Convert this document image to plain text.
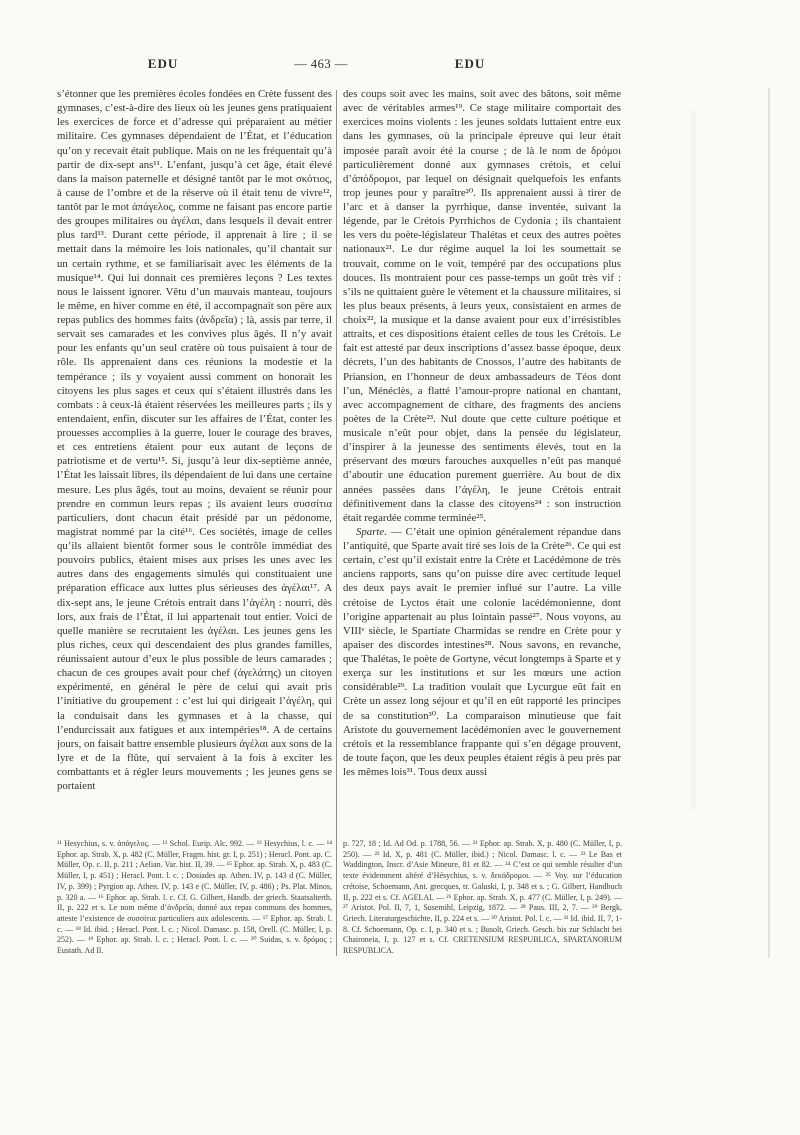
EDU	— 463 —	EDU

s’étonner que les premières écoles fondées en Crète fussent des gymnases, c’est-à-dire des lieux où les jeunes gens pratiquaient les exercices de force et d’adresse qui préparaient au métier militaire. Ces gymnases dépendaient de l’État, et l’éducation qu’on y recevait était publique. Mais on ne les fréquentait qu’à partir de dix-sept ans¹¹. L’enfant, jusqu’à cet âge, était élevé dans la maison paternelle et désigné tantôt par le mot σκότιος, à cause de l’ombre et de la réserve où il était tenu de vivre¹², tantôt par le mot ἀπάγελος, comme ne faisant pas encore partie des groupes militaires ou ἀγέλαι, dans lesquels il devait entrer plus tard¹³. Durant cette période, il apprenait à lire ; il se mettait dans la mémoire les lois nationales, qu’il chantait sur un certain rythme, et se familiarisait avec les éléments de la musique¹⁴. Qui lui donnait ces premières leçons ? Les textes nous le laissent ignorer. Vêtu d’un mauvais manteau, toujours le même, en hiver comme en été, il accompagnait son père aux repas publics des hommes faits (ἀνδρεῖα) ; là, assis par terre, il servait ses camarades et les convives plus âgés. Il n’y avait pour les enfants qu’un seul cratère où tous puisaient à tour de rôle. Ils apprenaient dans ces réunions la modestie et la tempérance ; ils y voyaient aussi comment on honorait les citoyens les plus sages et ceux qui s’étaient illustrés dans les combats : à ceux-là étaient réservées les meilleures parts ; ils y entendaient, enfin, discuter sur les affaires de l’État, conter les prouesses accomplies à la guerre, louer le courage des braves, et ces entretiens étaient pour eux autant de leçons de patriotisme et de vertu¹⁵. Si, jusqu’à leur dix-septième année, l’État les laissait libres, ils dépendaient de lui dans une certaine mesure. Les plus âgés, tout au moins, devaient se réunir pour prendre en commun leurs repas ; ils avaient leurs συσσίτια particuliers, dont chacun était présidé par un pédonome, magistrat nommé par la cité¹⁶. Ces sociétés, image de celles qu’ils allaient bientôt former sous le contrôle immédiat des pouvoirs publics, étaient mises aux prises les unes avec les autres dans des engagements simulés qui constituaient une préparation efficace aux luttes plus sérieuses des ἀγέλαι¹⁷. A dix-sept ans, le jeune Crétois entrait dans l’ἀγέλη : nourri, dès lors, aux frais de l’État, il lui appartenait tout entier. Voici de quelle manière se recrutaient les ἀγέλαι. Les jeunes gens les plus riches, ceux qui descendaient des plus grandes familles, réunissaient autour d’eux le plus possible de leurs camarades ; chacun de ces groupes avait pour chef (ἀγελάτης) un citoyen expérimenté, en général le père de celui qui avait pris l’initiative du groupement : c’est lui qui dirigeait l’ἀγέλη, qui la conduisait dans les gymnases et à la chasse, qui l’endurcissait aux fatigues et aux intempéries¹⁸. A de certains jours, on faisait battre ensemble plusieurs ἀγέλαι aux sons de la lyre et de la flûte, qui servaient à la fois à exciter les combattants et à régler leurs mouvements ; les jeunes gens se portaient

des coups soit avec les mains, soit avec des bâtons, soit même avec de véritables armes¹⁹. Ce stage militaire comportait des exercices moins violents : les jeunes soldats luttaient entre eux dans les gymnases, où la principale épreuve qui leur était imposée paraît avoir été la course ; de là le nom de δρόμοι particulièrement donné aux gymnases crétois, et celui d’ἀπόδρομοι, par lequel on désignait quelquefois les enfants trop jeunes pour y paraître²⁰. Ils apprenaient aussi à tirer de l’arc et à danser la pyrrhique, danse inventée, suivant la légende, par le Crétois Pyrrhichos de Cydonia ; ils chantaient les vers du poète-législateur Thalétas et ceux des autres poètes nationaux²¹. Le dur régime auquel la loi les soumettait se trouvait, comme on le voit, tempéré par des occupations plus douces. Ils montraient pour ces passe-temps un goût très vif : s’ils ne quittaient guère le vêtement et la chaussure militaires, si les plus beaux présents, à leurs yeux, consistaient en armes de choix²², la musique et la danse avaient pour eux d’irrésistibles attraits, et ces dispositions étaient celles de tous les Crétois. Le fait est attesté par deux inscriptions d’assez basse époque, deux décrets, l’un des habitants de Cnossos, l’autre des habitants de Priansion, en l’honneur de deux ambassadeurs de Téos dont l’un, Ménéclès, a flatté l’amour-propre national en chantant, avec accompagnement de cithare, des fragments des anciens poètes de la Crète²³. Nul doute que cette culture poétique et musicale n’eût pour objet, dans la pensée du législateur, d’inspirer à la jeunesse des sentiments élevés, tout en la préservant des mœurs farouches auxquelles n’eût pas manqué d’aboutir une éducation purement guerrière. Au bout de dix années passées dans l’ἀγέλη, le jeune Crétois entrait définitivement dans la classe des citoyens²⁴ : son instruction était regardée comme terminée²⁵.

Sparte. — C’était une opinion généralement répandue dans l’antiquité, que Sparte avait tiré ses lois de la Crète²⁶. Ce qui est certain, c’est qu’il existait entre la Crète et Lacédémone de très anciens rapports, sans qu’on puisse dire avec certitude lequel des deux pays avait le premier influé sur l’autre. La ville crétoise de Lyctos était une colonie lacédémonienne, dont l’origine appartenait au plus lointain passé²⁷. Nous voyons, au VIIIᵉ siècle, le Spartiate Charmidas se rendre en Crète pour y apaiser des discordes intestines²⁸. Nous savons, en revanche, que Thalétas, le poète de Gortyne, vécut longtemps à Sparte et y exerça sur les institutions et sur les mœurs une action considérable²⁹. La tradition voulait que Lycurgue eût fait en Crète un assez long séjour et qu’il en eût rapporté les principes de sa constitution³⁰. La comparaison minutieuse que fait Aristote du gouvernement lacédémonien avec le gouvernement crétois et la ressemblance frappante qui s’en dégage prouvent, de toute façon, que les deux peuples étaient régis à peu près par les mêmes lois³¹. Tous deux aussi

¹¹ Hesychius, s. v. ἀπάγελος. — ¹² Schol. Eurip. Alc. 992. — ¹³ Hesychius, l. c. — ¹⁴ Ephor. ap. Strab. X, p. 482 (C. Müller, Fragm. hist. gr. I, p. 251) ; Heracl. Pont. ap. C. Müller, Op. c. II, p. 211 ; Aelian. Var. hist. II, 39. — ¹⁵ Ephor. ap. Strab. X, p. 483 (C. Müller, I, p. 451) ; Heracl. Pont. l. c. ; Dosiades ap. Athen. IV, p. 143 d (C. Müller, IV, p. 399) ; Pyrgion ap. Athen. IV, p. 143 e (C. Müller, IV, p. 486) ; Ps. Plat. Minos, p. 320 a. — ¹⁶ Ephor. ap. Strab. l. c. Cf. G. Gilbert, Handb. der griech. Staatsalterth. II, p. 222 et s. Le nom même d’ἀνδρεῖα, donné aux repas communs des hommes, atteste l’existence de συσσίτια particuliers aux adolescents. — ¹⁷ Ephor. ap. Strab. l. c. — ¹⁸ Id. ibid. ; Heracl. Pont. l. c. ; Nicol. Damasc. p. 158, Orell. (C. Müller, I, p. 252). — ¹⁹ Ephor. ap. Strab. l. c. ; Heracl. Pont. l. c. — ²⁰ Suidas, s. v. δρόμος ; Eustath. Ad Il.
p. 727, 18 ; Id. Ad Od. p. 1788, 56. — ²¹ Ephor. ap. Strab. X, p. 480 (C. Müller, I, p. 250). — ²² Id. X, p. 481 (C. Müller, ibid.) ; Nicol. Damasc. l. c. — ²³ Le Bas et Waddington, Inscr. d’Asie Mineure, 81 et 82. — ²⁴ C’est ce qui semble résulter d’un texte évidemment altéré d’Hésychius, s. v. δεκάδρομοι. — ²⁵ Voy. sur l’éducation crétoise, Schoemann, Ant. grecques, tr. Galuski, I, p. 348 et s. ; G. Gilbert, Handbuch II, p. 222 et s. Cf. AGELAI. — ²⁶ Ephor. ap. Strab. X, p. 477 (C. Müller, I, p. 249). — ²⁷ Aristot. Pol. II, 7, 1, Susemihl, Leipzig, 1872. — ²⁸ Paus. III, 2, 7. — ²⁹ Bergk, Griech. Literaturgeschichte, II, p. 224 et s. — ³⁰ Aristot. Pol. l. c. — ³¹ Id. ibid. II, 7, 1-8. Cf. Schoemann, Op. c. I, p. 340 et s. ; Busolt, Griech. Gesch. bis zur Schlacht bei Chaironeia, I, p. 127 et s. Cf. CRETENSIUM RESPUBLICA, SPARTANORUM RESPUBLICA.
